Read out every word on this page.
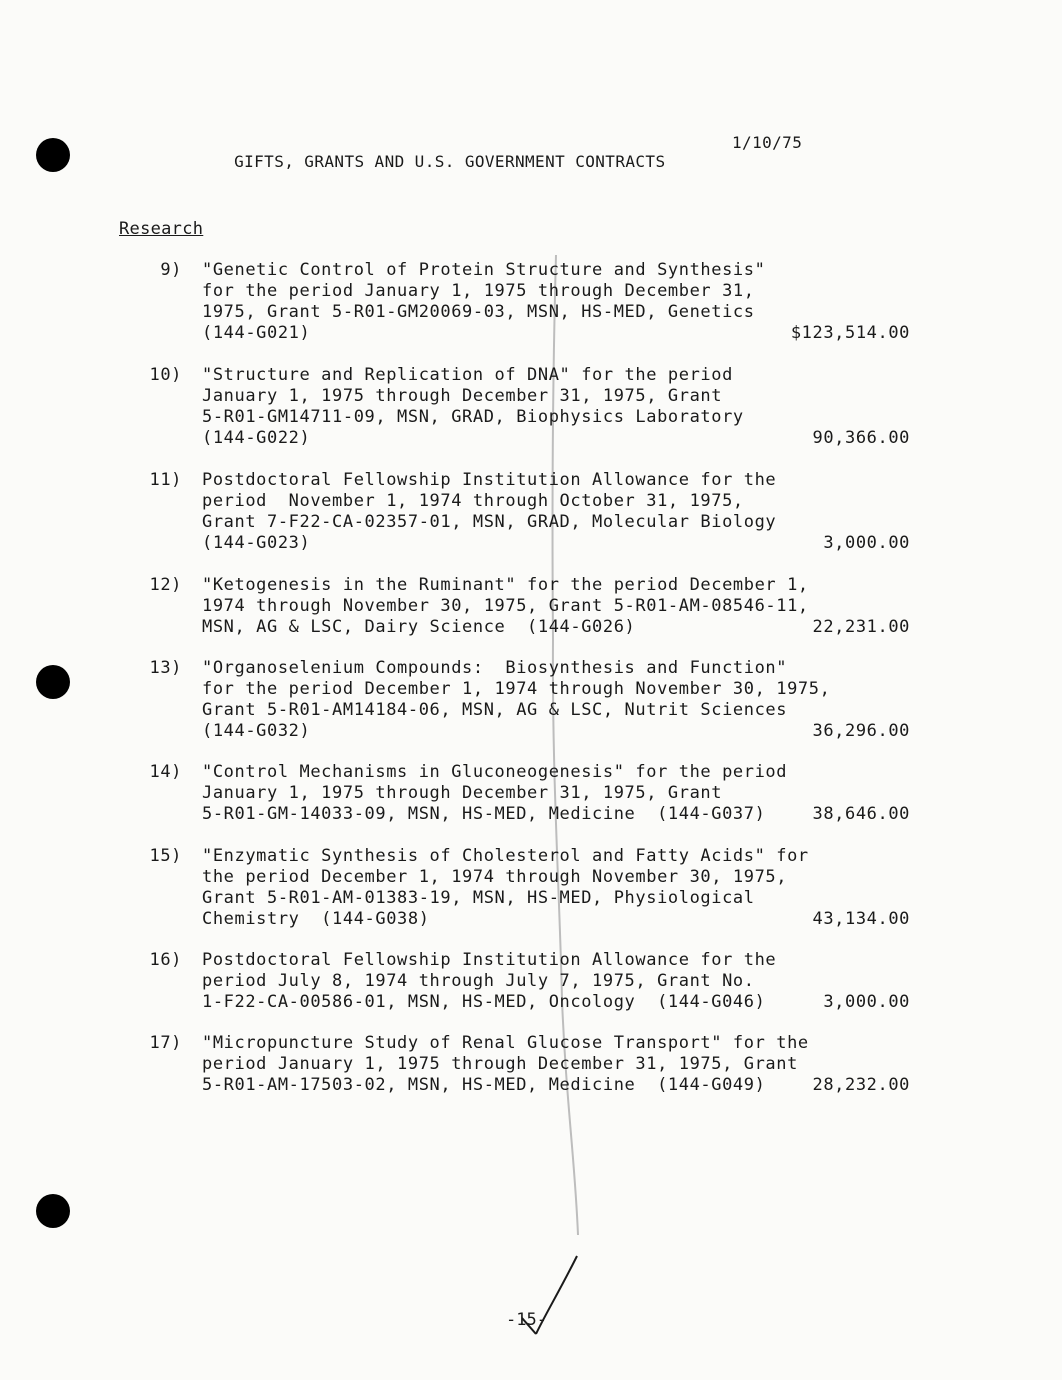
GIFTS, GRANTS AND U.S. GOVERNMENT CONTRACTS

1/10/75

Research
9) "Genetic Control of Protein Structure and Synthesis"
for the period January 1, 1975 through December 31,
1975, Grant 5-R01-GM20069-03, MSN, HS-MED, Genetics
(144-G021)	$123,514.00
10) "Structure and Replication of DNA" for the period
January 1, 1975 through December 31, 1975, Grant
5-R01-GM14711-09, MSN, GRAD, Biophysics Laboratory
(144-G022)	90,366.00
11) Postdoctoral Fellowship Institution Allowance for the
period  November 1, 1974 through October 31, 1975,
Grant 7-F22-CA-02357-01, MSN, GRAD, Molecular Biology
(144-G023)	3,000.00
12) "Ketogenesis in the Ruminant" for the period December 1,
1974 through November 30, 1975, Grant 5-R01-AM-08546-11,
MSN, AG & LSC, Dairy Science  (144-G026)	22,231.00
13) "Organoselenium Compounds:  Biosynthesis and Function"
for the period December 1, 1974 through November 30, 1975,
Grant 5-R01-AM14184-06, MSN, AG & LSC, Nutrit Sciences
(144-G032)	36,296.00
14) "Control Mechanisms in Gluconeogenesis" for the period
January 1, 1975 through December 31, 1975, Grant
5-R01-GM-14033-09, MSN, HS-MED, Medicine  (144-G037)	38,646.00
15) "Enzymatic Synthesis of Cholesterol and Fatty Acids" for
the period December 1, 1974 through November 30, 1975,
Grant 5-R01-AM-01383-19, MSN, HS-MED, Physiological
Chemistry  (144-G038)	43,134.00
16) Postdoctoral Fellowship Institution Allowance for the
period July 8, 1974 through July 7, 1975, Grant No.
1-F22-CA-00586-01, MSN, HS-MED, Oncology  (144-G046)	3,000.00
17) "Micropuncture Study of Renal Glucose Transport" for the
period January 1, 1975 through December 31, 1975, Grant
5-R01-AM-17503-02, MSN, HS-MED, Medicine  (144-G049)	28,232.00
-15-
